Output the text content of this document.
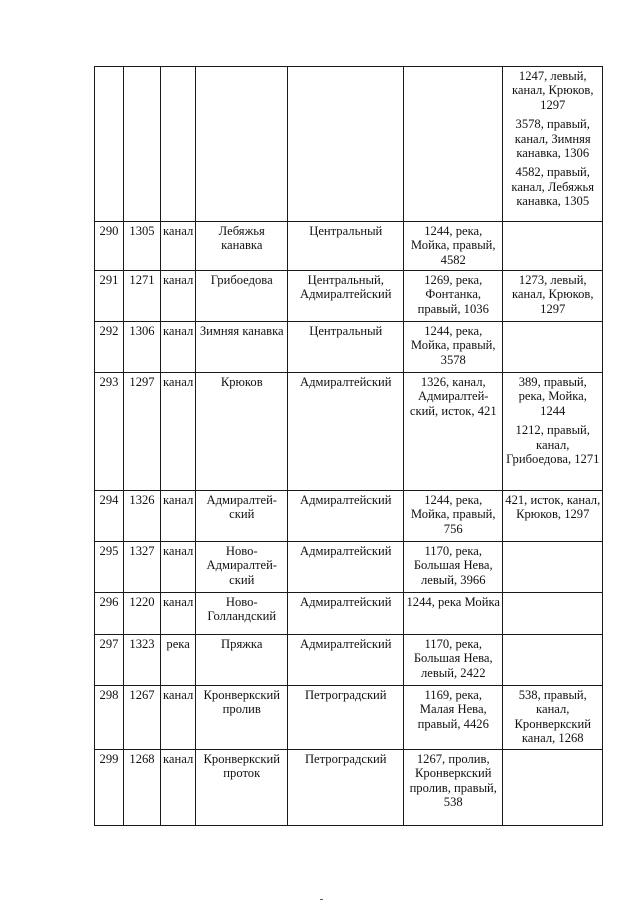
						1247, левый, канал, Крюков, 1297
3578, правый, канал, Зимняя канавка, 1306
4582, правый, канал, Лебяжья канавка, 1305

290	1305	канал	Лебяжья канавка	Центральный	1244, река, Мойка, правый, 4582	
291	1271	канал	Грибоедова	Центральный, Адмиралтейский	1269, река, Фонтанка, правый, 1036	1273, левый, канал, Крюков, 1297

292	1306	канал	Зимняя канавка	Центральный	1244, река, Мойка, правый, 3578	
293	1297	канал	Крюков	Адмиралтейский	1326, канал, Адмиралтей-ский, исток, 421	389, правый, река, Мойка, 1244
1212, правый, канал, Грибоедова, 1271

294	1326	канал	Адмиралтей-ский	Адмиралтейский	1244, река, Мойка, правый, 756	421, исток, канал, Крюков, 1297

295	1327	канал	Ново-Адмиралтей-ский	Адмиралтейский	1170, река, Большая Нева, левый, 3966	
296	1220	канал	Ново-Голландский	Адмиралтейский	1244, река Мойка	
297	1323	река	Пряжка	Адмиралтейский	1170, река, Большая Нева, левый, 2422	
298	1267	канал	Кронверкский пролив	Петроградский	1169, река, Малая Нева, правый, 4426	538, правый, канал, Кронверкский канал, 1268

299	1268	канал	Кронверкский проток	Петроградский	1267, пролив, Кронверкский пролив, правый, 538	
